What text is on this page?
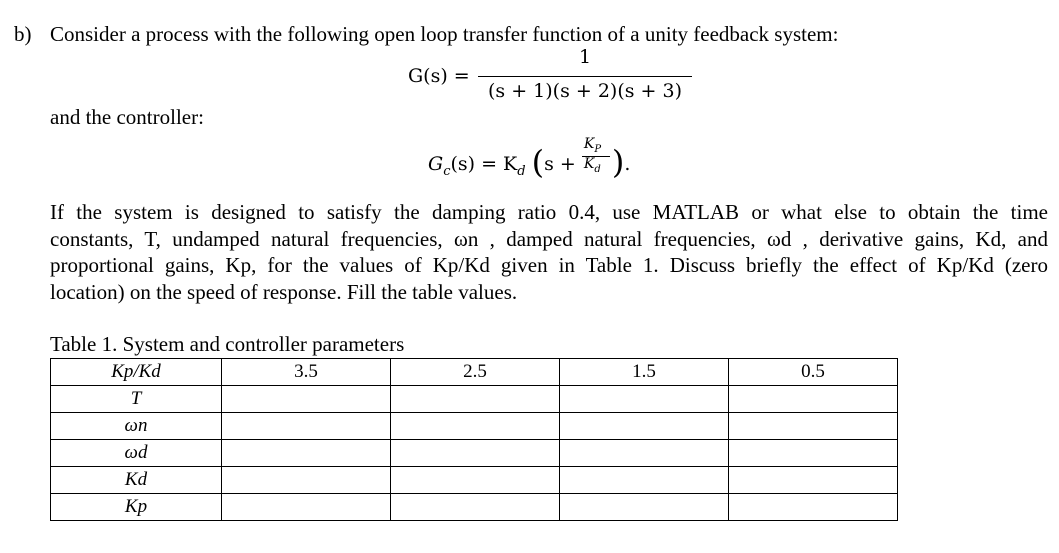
b) Consider a process with the following open loop transfer function of a unity feedback system:
G(s) =
1
(s + 1)(s + 2)(s + 3)
and the controller:
$G_c(s) = K_d$ ($s + \frac{K_P}{K_d}$ ).
If the system is designed to satisfy the damping ratio 0.4, use MATLAB or what else to obtain the time
constants, T, undamped natural frequencies, ωn , damped natural frequencies, ωd , derivative gains, Kd, and
proportional gains, Kp, for the values of Kp/Kd given in Table 1. Discuss briefly the effect of Kp/Kd (zero
location) on the speed of response. Fill the table values.
Table 1. System and controller parameters
Kp/Kd	3.5	2.5	1.5	0.5
T				
ωn				
ωd				
Kd				
Kp				
